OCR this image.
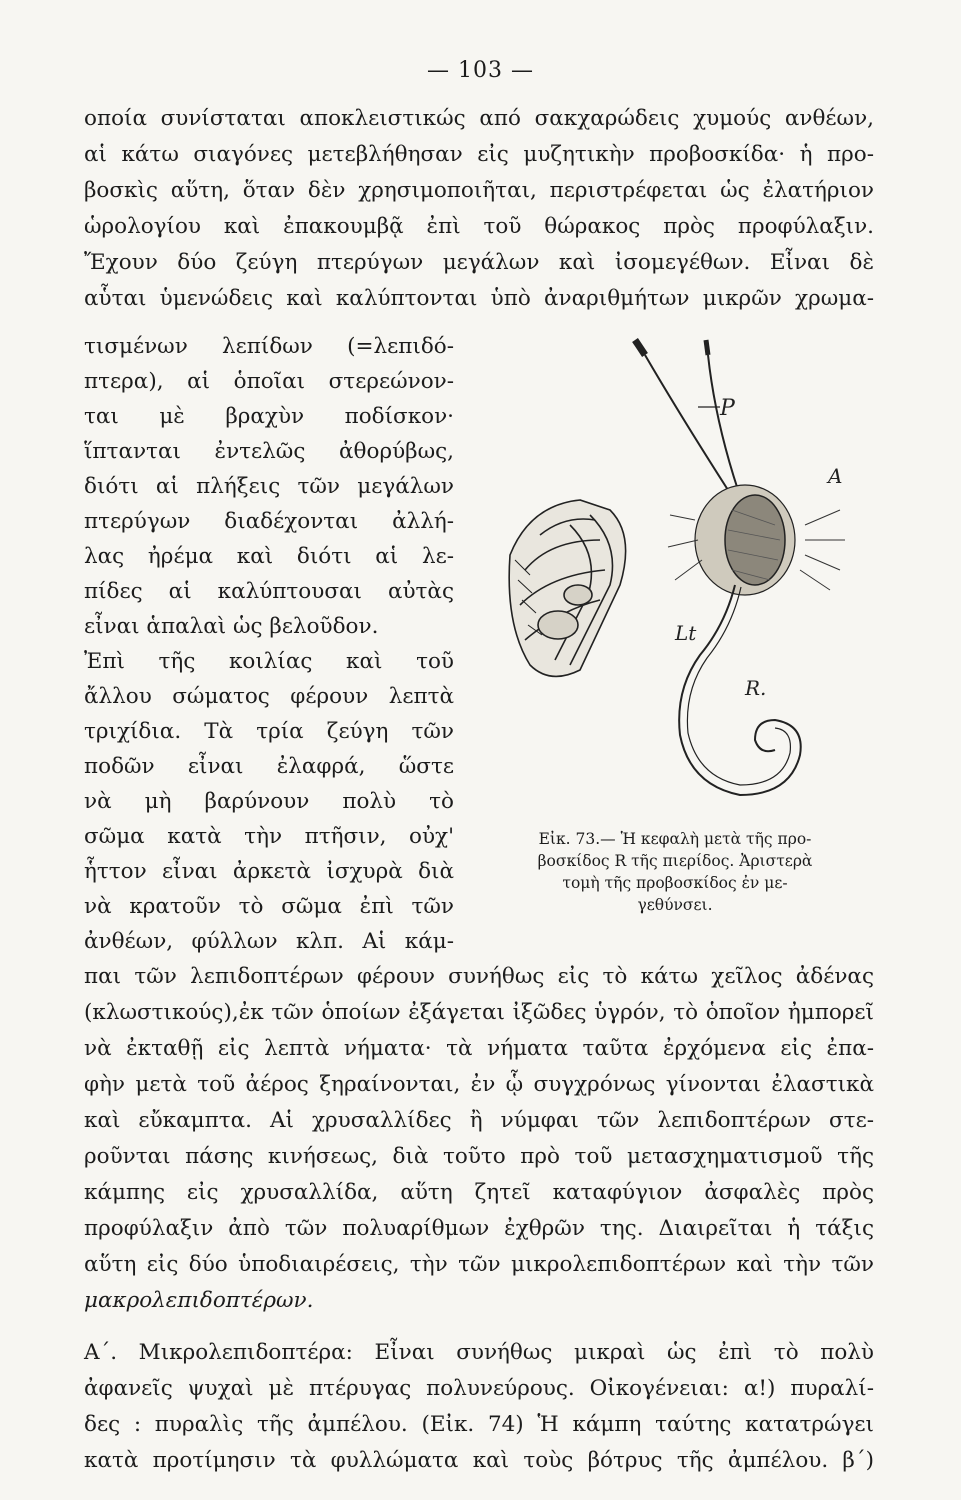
— 103 —
οποία συνίσταται αποκλειστικώς από σακχαρώδεις χυμούς ανθέων,
αἱ κάτω σιαγόνες μετεβλήθησαν εἰς μυζητικὴν προβοσκίδα· ἡ προ-
βοσκὶς αὕτη, ὅταν δὲν χρησιμοποιῆται, περιστρέφεται ὡς ἐλατήριον
ὡρολογίου καὶ ἐπακουμβᾷ ἐπὶ τοῦ θώρακος πρὸς προφύλαξιν.
Ἔχουν δύο ζεύγη πτερύγων μεγάλων καὶ ἰσομεγέθων. Εἶναι δὲ
αὗται ὑμενώδεις καὶ καλύπτονται ὑπὸ ἀναριθμήτων μικρῶν χρωμα-
τισμένων λεπίδων (=λεπιδό-
πτερα), αἱ ὁποῖαι στερεώνον-
ται μὲ βραχὺν ποδίσκον·
ἵπτανται ἐντελῶς ἀθορύβως,
διότι αἱ πλήξεις τῶν μεγάλων
πτερύγων διαδέχονται ἀλλή-
λας ἠρέμα καὶ διότι αἱ λε-
πίδες αἱ καλύπτουσαι αὐτὰς
εἶναι ἁπαλαὶ ὡς βελοῦδον.
Ἐπὶ τῆς κοιλίας καὶ τοῦ
ἄλλου σώματος φέρουν λεπτὰ
τριχίδια. Τὰ τρία ζεύγη τῶν
ποδῶν εἶναι ἐλαφρά, ὥστε
νὰ μὴ βαρύνουν πολὺ τὸ
σῶμα κατὰ τὴν πτῆσιν, οὐχ'
ἧττον εἶναι ἀρκετὰ ἰσχυρὰ διὰ
νὰ κρατοῦν τὸ σῶμα ἐπὶ τῶν
ἀνθέων, φύλλων κλπ. Αἱ κάμ-
P
A
Lt
R.
Εἰκ. 73.— Ἡ κεφαλὴ μετὰ τῆς προ-
βοσκίδος R τῆς πιερίδος. Ἀριστερὰ
τομὴ τῆς προβοσκίδος ἐν με-
γεθύνσει.
παι τῶν λεπιδοπτέρων φέρουν συνήθως εἰς τὸ κάτω χεῖλος ἀδένας
(κλωστικούς),ἐκ τῶν ὁποίων ἐξάγεται ἰξῶδες ὑγρόν, τὸ ὁποῖον ἠμπορεῖ
νὰ ἐκταθῇ εἰς λεπτὰ νήματα· τὰ νήματα ταῦτα ἐρχόμενα εἰς ἐπα-
φὴν μετὰ τοῦ ἀέρος ξηραίνονται, ἐν ᾧ συγχρόνως γίνονται ἐλαστικὰ
καὶ εὔκαμπτα. Αἱ χρυσαλλίδες ἢ νύμφαι τῶν λεπιδοπτέρων στε-
ροῦνται πάσης κινήσεως, διὰ τοῦτο πρὸ τοῦ μετασχηματισμοῦ τῆς
κάμπης εἰς χρυσαλλίδα, αὕτη ζητεῖ καταφύγιον ἀσφαλὲς πρὸς
προφύλαξιν ἀπὸ τῶν πολυαρίθμων ἐχθρῶν της. Διαιρεῖται ἡ τάξις
αὕτη εἰς δύο ὑποδιαιρέσεις, τὴν τῶν μικρολεπιδοπτέρων καὶ τὴν τῶν
μακρολεπιδοπτέρων.
Α΄. Μικρολεπιδοπτέρα: Εἶναι συνήθως μικραὶ ὡς ἐπὶ τὸ πολὺ
ἀφανεῖς ψυχαὶ μὲ πτέρυγας πολυνεύρους. Οἰκογένειαι: α!) πυραλί-
δες : πυραλὶς τῆς ἀμπέλου. (Εἰκ. 74) Ἡ κάμπη ταύτης κατατρώγει
κατὰ προτίμησιν τὰ φυλλώματα καὶ τοὺς βότρυς τῆς ἀμπέλου. β΄)
